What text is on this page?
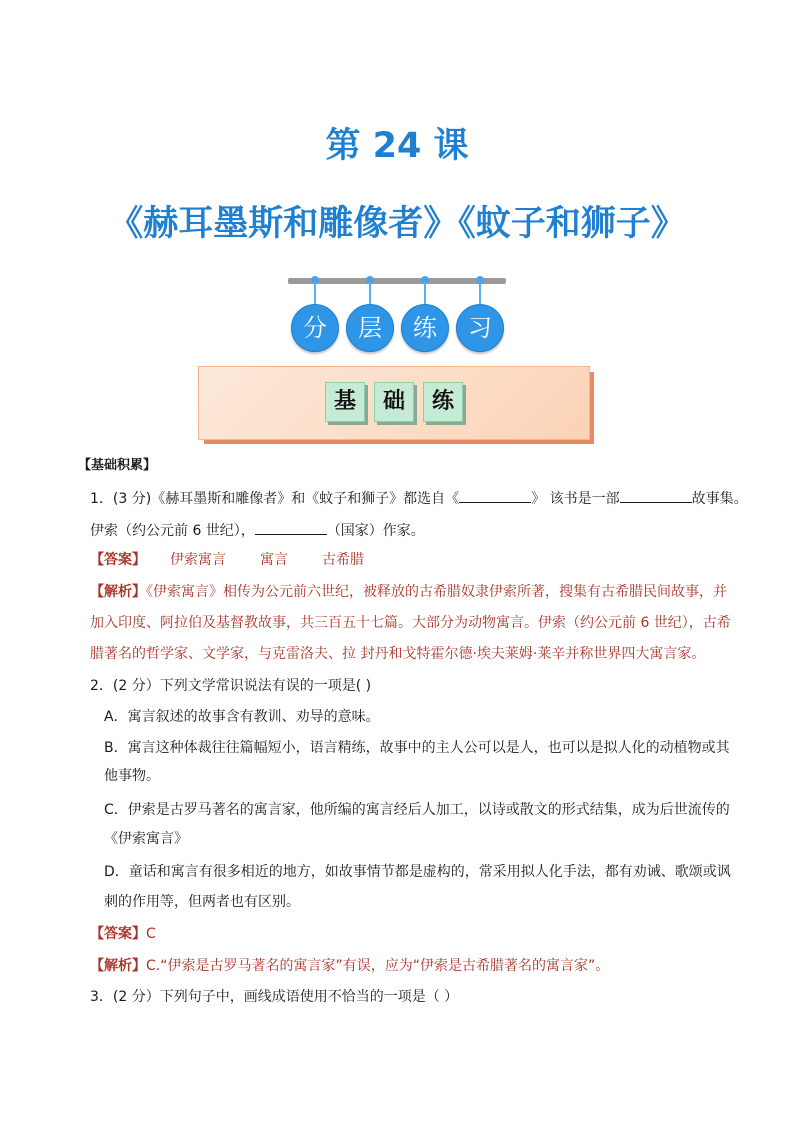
第 24 课
《赫耳墨斯和雕像者》《蚊子和狮子》
分	层	练	习
基	础	练
【基础积累】
1．(3 分)《赫耳墨斯和雕像者》和《蚊子和狮子》都选自《	》 该书是一部	故事集。
伊索（约公元前 6 世纪），	（国家）作家。
【答案】 伊索寓言 寓言 古希腊
【解析】《伊索寓言》相传为公元前六世纪，被释放的古希腊奴隶伊索所著，搜集有古希腊民间故事，并
加入印度、阿拉伯及基督教故事，共三百五十七篇。大部分为动物寓言。伊索（约公元前 6 世纪），古希
腊著名的哲学家、文学家，与克雷洛夫、拉 封丹和戈特霍尔德·埃夫莱姆·莱辛并称世界四大寓言家。
2．(2 分）下列文学常识说法有误的一项是( )
A．寓言叙述的故事含有教训、劝导的意味。
B．寓言这种体裁往往篇幅短小，语言精练，故事中的主人公可以是人，也可以是拟人化的动植物或其
他事物。
C．伊索是古罗马著名的寓言家，他所编的寓言经后人加工，以诗或散文的形式结集，成为后世流传的
《伊索寓言》
D．童话和寓言有很多相近的地方，如故事情节都是虚构的，常采用拟人化手法，都有劝诫、歌颂或讽
刺的作用等，但两者也有区别。
【答案】C
【解析】C.“伊索是古罗马著名的寓言家”有误，应为“伊索是古希腊著名的寓言家”。
3．(2 分）下列句子中，画线成语使用不恰当的一项是（ ）
